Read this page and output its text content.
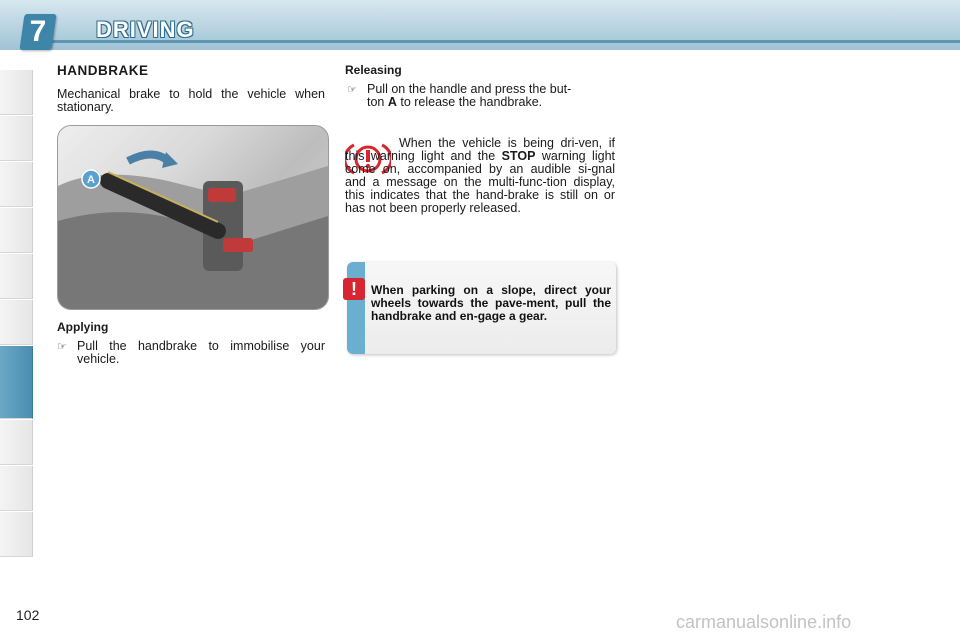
7	DRIVING
HANDBRAKE
Mechanical brake to hold the vehicle when stationary.
A
Applying
☞ Pull the handbrake to immobilise your vehicle.
Releasing
☞ Pull on the handle and press the but-
ton A to release the handbrake.
When the vehicle is being dri-ven, if this warning light and the STOP warning light come on, accompanied by an audible si-gnal and a message on the multi-func-tion display, this indicates that the hand-brake is still on or has not been properly released.
!	When parking on a slope, direct your wheels towards the pave-ment, pull the handbrake and en-gage a gear.
102	carmanualsonline.info
